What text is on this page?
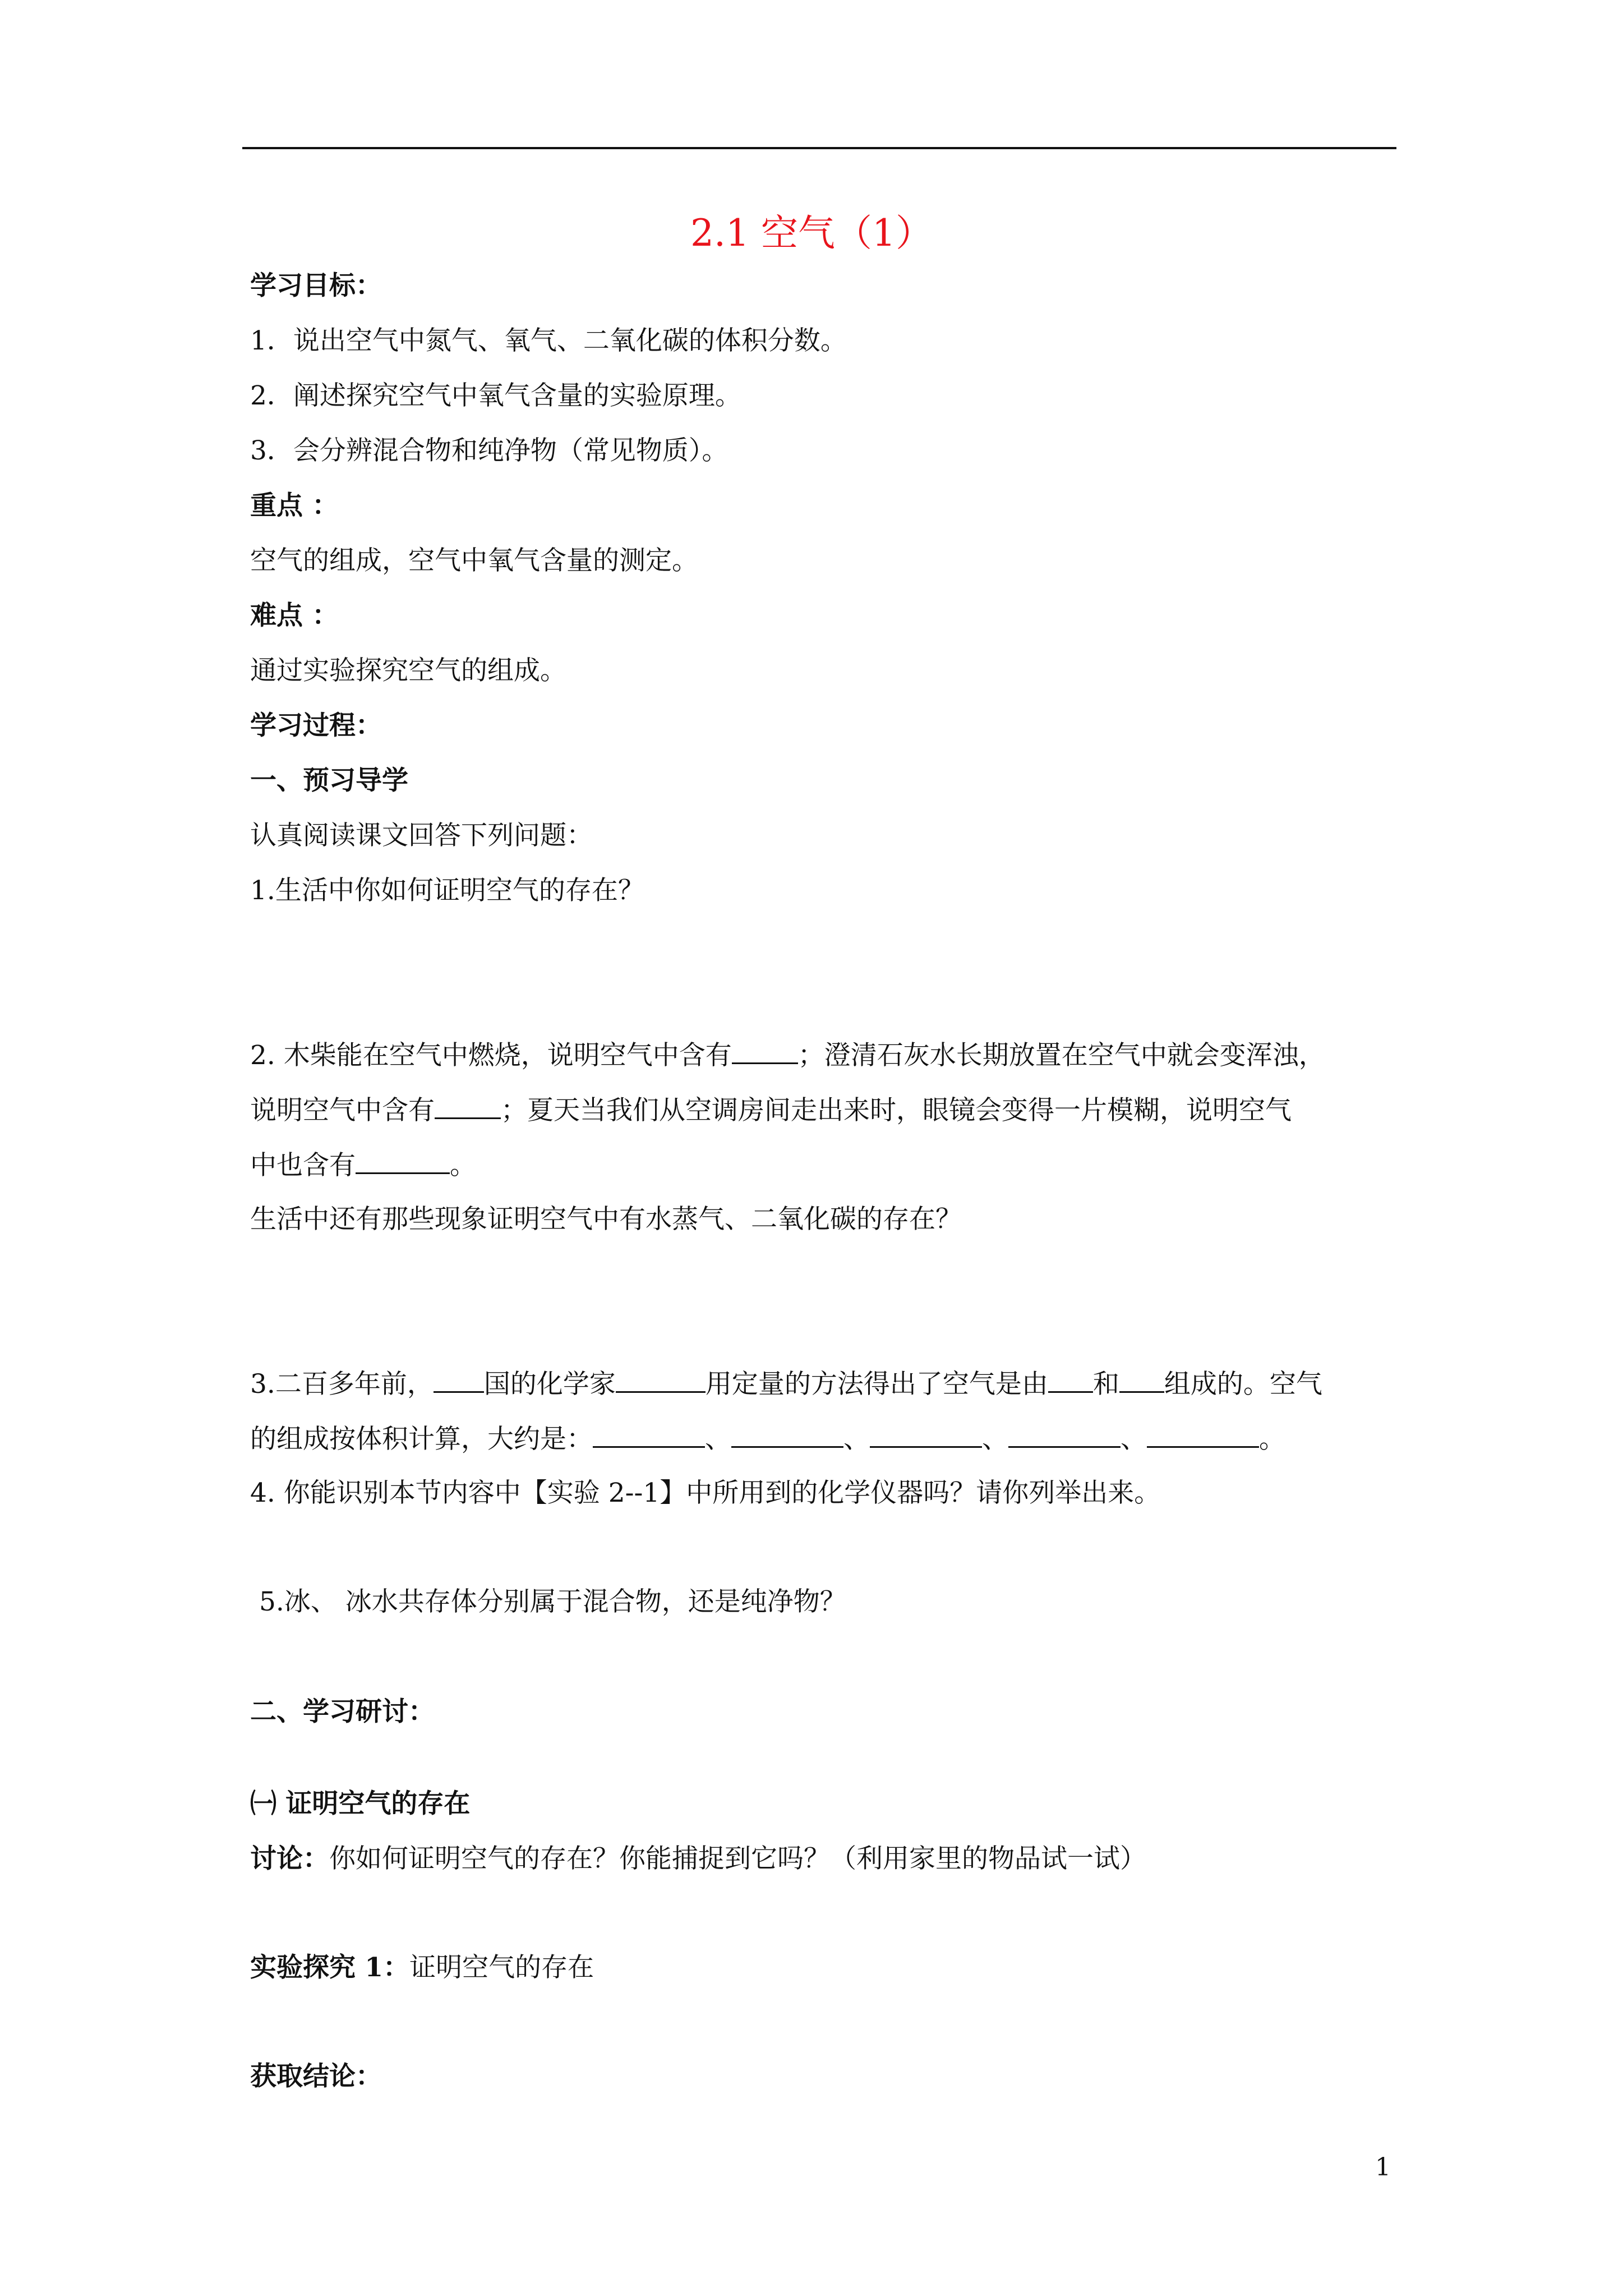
2.1 空气（1）
学习目标：
1．说出空气中氮气、氧气、二氧化碳的体积分数。
2．阐述探究空气中氧气含量的实验原理。
3．会分辨混合物和纯净物（常见物质）。
重点 ：
空气的组成，空气中氧气含量的测定。
难点 ：
通过实验探究空气的组成。
学习过程：
一、预习导学
认真阅读课文回答下列问题：
1.生活中你如何证明空气的存在？
2. 木柴能在空气中燃烧，说明空气中含有	；澄清石灰水长期放置在空气中就会变浑浊，
说明空气中含有	；夏天当我们从空调房间走出来时，眼镜会变得一片模糊，说明空气
中也含有	。
生活中还有那些现象证明空气中有水蒸气、二氧化碳的存在？
3.二百多年前， 国的化学家	用定量的方法得出了空气是由 和 组成的。空气
的组成按体积计算，大约是：	、	、	、	、	。
4. 你能识别本节内容中【实验 2--1】中所用到的化学仪器吗？请你列举出来。
5.冰、 冰水共存体分别属于混合物，还是纯净物？
二、学习研讨：
㈠ 证明空气的存在
讨论：你如何证明空气的存在？你能捕捉到它吗？（利用家里的物品试一试）
实验探究 1：证明空气的存在
获取结论：
1
